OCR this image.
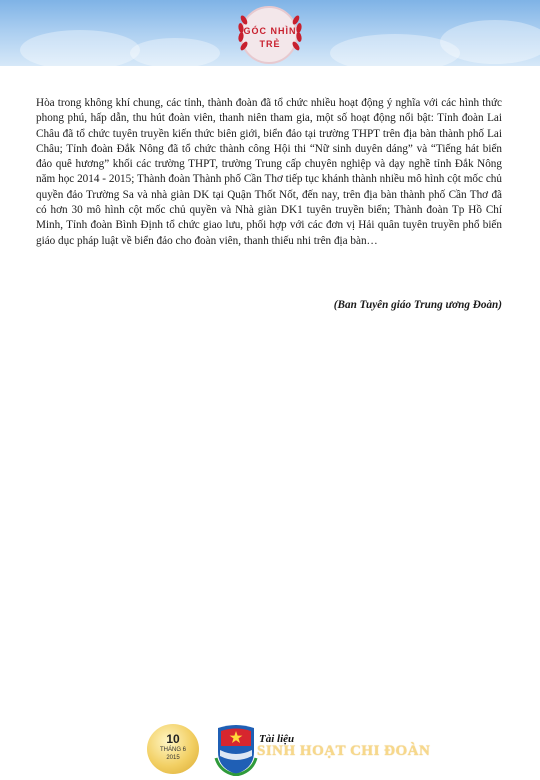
GÓC NHÌN
TRẺ

Hòa trong không khí chung, các tỉnh, thành đoàn đã tổ chức nhiều hoạt động ý nghĩa với các hình thức phong phú, hấp dẫn, thu hút đoàn viên, thanh niên tham gia, một số hoạt động nổi bật: Tỉnh đoàn Lai Châu đã tổ chức tuyên truyền kiến thức biên giới, biển đảo tại trường THPT trên địa bàn thành phố Lai Châu; Tỉnh đoàn Đắk Nông đã tổ chức thành công Hội thi “Nữ sinh duyên dáng” và “Tiếng hát biển đảo quê hương” khối các trường THPT, trường Trung cấp chuyên nghiệp và dạy nghề tỉnh Đắk Nông năm học 2014 - 2015; Thành đoàn Thành phố Cần Thơ tiếp tục khánh thành nhiều mô hình cột mốc chủ quyền đảo Trường Sa và nhà giàn DK tại Quận Thốt Nốt, đến nay, trên địa bàn thành phố Cần Thơ đã có hơn 30 mô hình cột mốc chủ quyền và Nhà giàn DK1 tuyên truyền biển; Thành đoàn Tp Hồ Chí Minh, Tỉnh đoàn Bình Định tổ chức giao lưu, phối hợp với các đơn vị Hải quân tuyên truyền phổ biến giáo dục pháp luật về biển đảo cho đoàn viên, thanh thiếu nhi trên địa bàn…

(Ban Tuyên giáo Trung ương Đoàn)
10
THÁNG 6
2015
Tài liệu
SINH HOẠT CHI ĐOÀN
